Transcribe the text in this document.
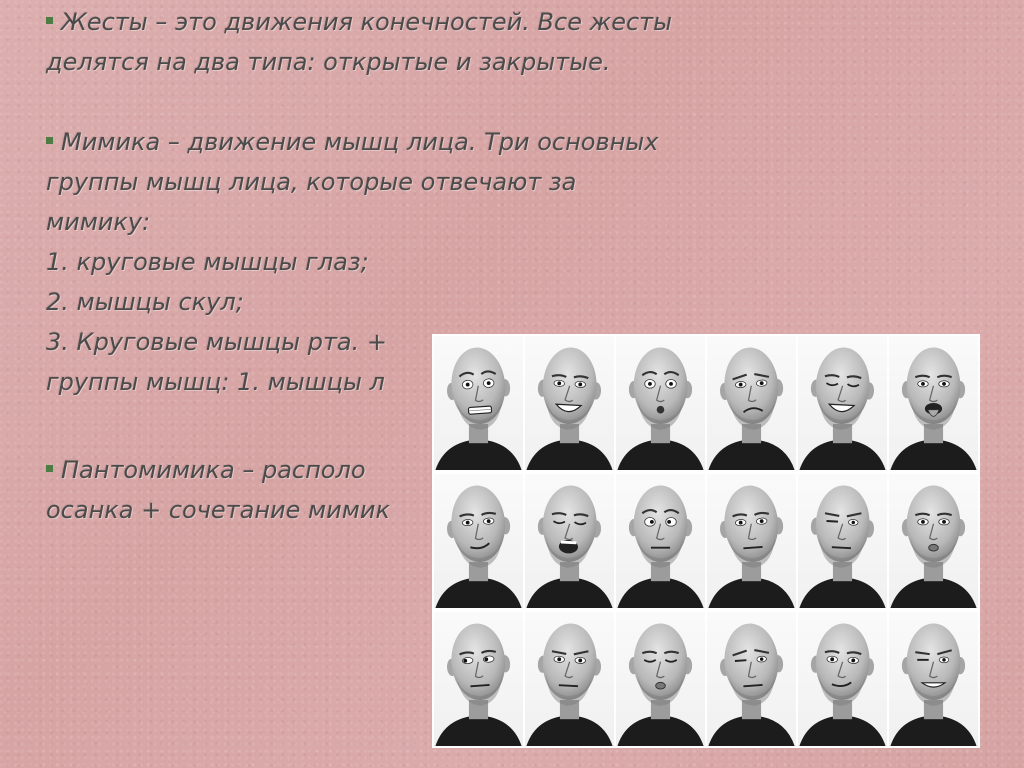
Жесты – это движения конечностей. Все жесты
делятся на два типа: открытые и закрытые.
Мимика – движение мышц лица. Три основных
группы мышц лица, которые отвечают за
мимику:
1. круговые мышцы глаз;
2. мышцы скул;
3. Круговые мышцы рта. +
группы мышц: 1. мышцы л
Пантомимика – располо
осанка + сочетание мимик
